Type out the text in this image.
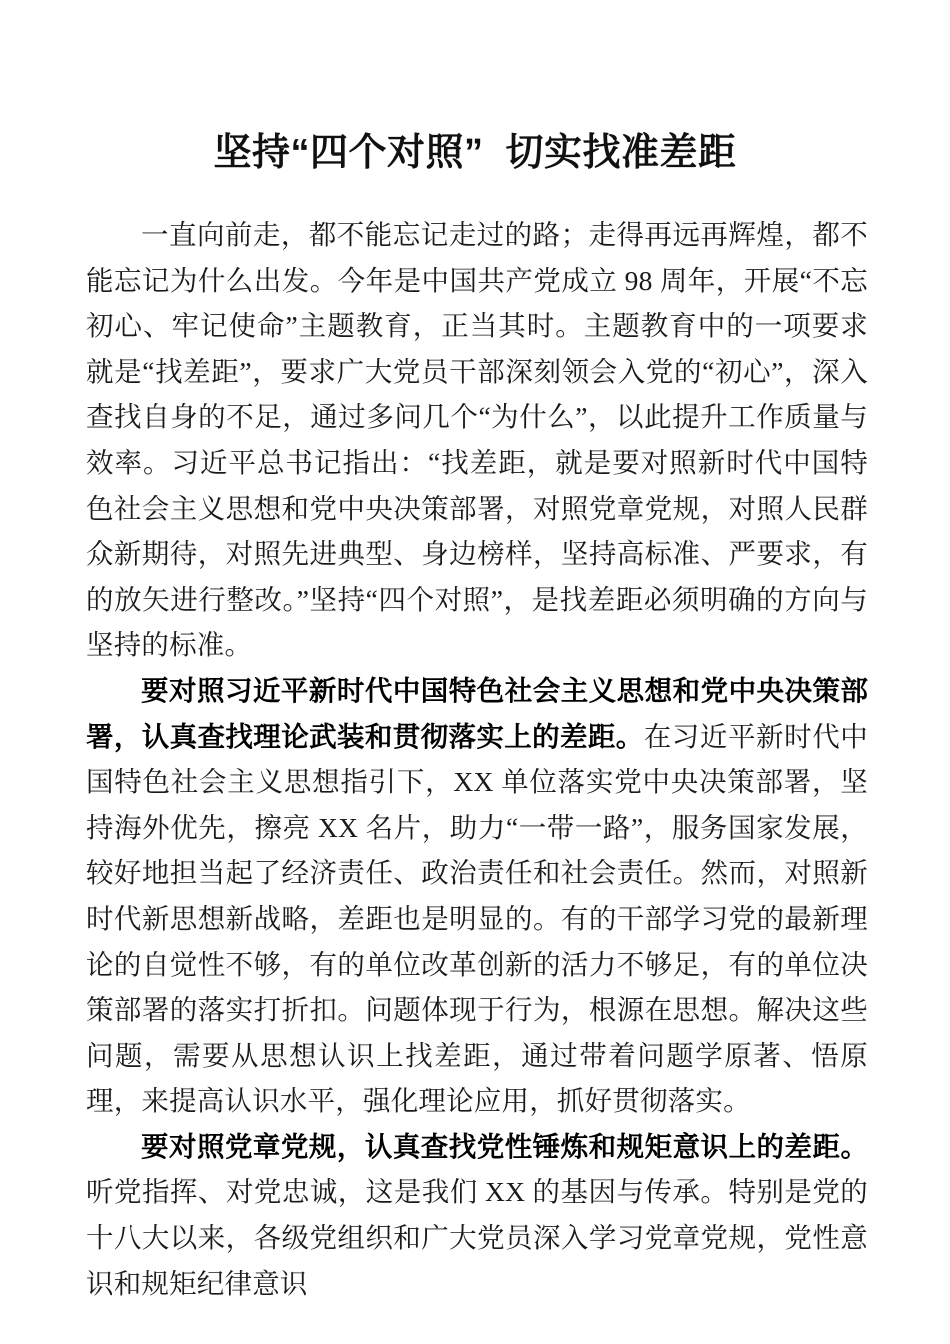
坚持“四个对照”  切实找准差距

一直向前走，都不能忘记走过的路；走得再远再辉煌，都不能忘记为什么出发。今年是中国共产党成立 98 周年，开展“不忘初心、牢记使命”主题教育，正当其时。主题教育中的一项要求就是“找差距”，要求广大党员干部深刻领会入党的“初心”，深入查找自身的不足，通过多问几个“为什么”，以此提升工作质量与效率。习近平总书记指出：“找差距，就是要对照新时代中国特色社会主义思想和党中央决策部署，对照党章党规，对照人民群众新期待，对照先进典型、身边榜样，坚持高标准、严要求，有的放矢进行整改。”坚持“四个对照”，是找差距必须明确的方向与坚持的标准。

要对照习近平新时代中国特色社会主义思想和党中央决策部署，认真查找理论武装和贯彻落实上的差距。在习近平新时代中国特色社会主义思想指引下，XX 单位落实党中央决策部署，坚持海外优先，擦亮 XX 名片，助力“一带一路”，服务国家发展，较好地担当起了经济责任、政治责任和社会责任。然而，对照新时代新思想新战略，差距也是明显的。有的干部学习党的最新理论的自觉性不够，有的单位改革创新的活力不够足，有的单位决策部署的落实打折扣。问题体现于行为，根源在思想。解决这些问题，需要从思想认识上找差距，通过带着问题学原著、悟原理，来提高认识水平，强化理论应用，抓好贯彻落实。

要对照党章党规，认真查找党性锤炼和规矩意识上的差距。听党指挥、对党忠诚，这是我们 XX 的基因与传承。特别是党的十八大以来，各级党组织和广大党员深入学习党章党规，党性意识和规矩纪律意识
